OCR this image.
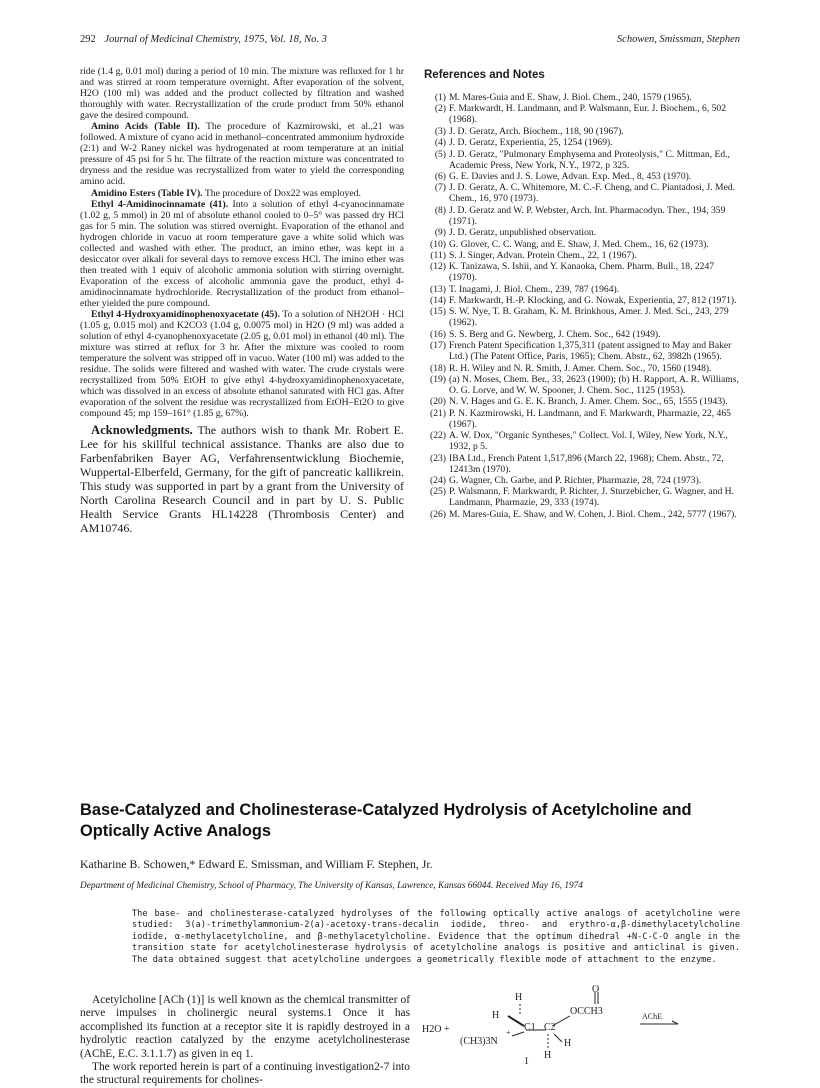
292 Journal of Medicinal Chemistry, 1975, Vol. 18, No. 3	Schowen, Smissman, Stephen

ride (1.4 g, 0.01 mol) during a period of 10 min. The mixture was refluxed for 1 hr and was stirred at room temperature overnight. After evaporation of the solvent, H2O (100 ml) was added and the product collected by filtration and washed thoroughly with water. Recrystallization of the crude product from 50% ethanol gave the desired compound.

Amino Acids (Table II). The procedure of Kazmirowski, et al.,21 was followed. A mixture of cyano acid in methanol–concentrated ammonium hydroxide (2:1) and W-2 Raney nickel was hydrogenated at room temperature at an initial pressure of 45 psi for 5 hr. The filtrate of the reaction mixture was concentrated to dryness and the residue was recrystallized from water to yield the corresponding amino acid.

Amidino Esters (Table IV). The procedure of Dox22 was employed.

Ethyl 4-Amidinocinnamate (41). Into a solution of ethyl 4-cyanocinnamate (1.02 g, 5 mmol) in 20 ml of absolute ethanol cooled to 0–5° was passed dry HCl gas for 5 min. The solution was stirred overnight. Evaporation of the ethanol and hydrogen chloride in vacuo at room temperature gave a white solid which was collected and washed with ether. The product, an imino ether, was kept in a desiccator over alkali for several days to remove excess HCl. The imino ether was then treated with 1 equiv of alcoholic ammonia solution with stirring overnight. Evaporation of the excess of alcoholic ammonia gave the product, ethyl 4-amidinocinnamate hydrochloride. Recrystallization of the product from ethanol–ether yielded the pure compound.

Ethyl 4-Hydroxyamidinophenoxyacetate (45). To a solution of NH2OH · HCl (1.05 g, 0.015 mol) and K2CO3 (1.04 g, 0.0075 mol) in H2O (9 ml) was added a solution of ethyl 4-cyanophenoxyacetate (2.05 g, 0.01 mol) in ethanol (40 ml). The mixture was stirred at reflux for 3 hr. After the mixture was cooled to room temperature the solvent was stripped off in vacuo. Water (100 ml) was added to the residue. The solids were filtered and washed with water. The crude crystals were recrystallized from 50% EtOH to give ethyl 4-hydroxyamidinophenoxyacetate, which was dissolved in an excess of absolute ethanol saturated with HCl gas. After evaporation of the solvent the residue was recrystallized from EtOH–Et2O to give compound 45; mp 159–161° (1.85 g, 67%).

Acknowledgments. The authors wish to thank Mr. Robert E. Lee for his skillful technical assistance. Thanks are also due to Farbenfabriken Bayer AG, Verfahrensentwicklung Biochemie, Wuppertal-Elberfeld, Germany, for the gift of pancreatic kallikrein. This study was supported in part by a grant from the University of North Carolina Research Council and in part by U. S. Public Health Service Grants HL14228 (Thrombosis Center) and AM10746.

References and Notes
(1) M. Mares-Guia and E. Shaw, J. Biol. Chem., 240, 1579 (1965).
(2) F. Markwardt, H. Landmann, and P. Walsmann, Eur. J. Biochem., 6, 502 (1968).
(3) J. D. Geratz, Arch. Biochem., 118, 90 (1967).
(4) J. D. Geratz, Experientia, 25, 1254 (1969).
(5) J. D. Geratz, "Pulmonary Emphysema and Proteolysis," C. Mittman, Ed., Academic Press, New York, N.Y., 1972, p 325.
(6) G. E. Davies and J. S. Lowe, Advan. Exp. Med., 8, 453 (1970).
(7) J. D. Geratz, A. C. Whitemore, M. C.-F. Cheng, and C. Piantadosi, J. Med. Chem., 16, 970 (1973).
(8) J. D. Geratz and W. P. Webster, Arch. Int. Pharmacodyn. Ther., 194, 359 (1971).
(9) J. D. Geratz, unpublished observation.
(10) G. Glover, C. C. Wang, and E. Shaw, J. Med. Chem., 16, 62 (1973).
(11) S. J. Singer, Advan. Protein Chem., 22, 1 (1967).
(12) K. Tanizawa, S. Ishii, and Y. Kanaoka, Chem. Pharm. Bull., 18, 2247 (1970).
(13) T. Inagami, J. Biol. Chem., 239, 787 (1964).
(14) F. Markwardt, H.-P. Klocking, and G. Nowak, Experientia, 27, 812 (1971).
(15) S. W. Nye, T. B. Graham, K. M. Brinkhous, Amer. J. Med. Sci., 243, 279 (1962).
(16) S. S. Berg and G. Newberg, J. Chem. Soc., 642 (1949).
(17) French Patent Specification 1,375,311 (patent assigned to May and Baker Ltd.) (The Patent Office, Paris, 1965); Chem. Abstr., 62, 3982h (1965).
(18) R. H. Wiley and N. R. Smith, J. Amer. Chem. Soc., 70, 1560 (1948).
(19) (a) N. Moses, Chem. Ber., 33, 2623 (1900); (b) H. Rapport, A. R. Williams, O. G. Lorve, and W. W. Spooner, J. Chem. Soc., 1125 (1953).
(20) N. V. Hages and G. E. K. Branch, J. Amer. Chem. Soc., 65, 1555 (1943).
(21) P. N. Kazmirowski, H. Landmann, and F. Markwardt, Pharmazie, 22, 465 (1967).
(22) A. W. Dox, "Organic Syntheses," Collect. Vol. I, Wiley, New York, N.Y., 1932, p 5.
(23) IBA Ltd., French Patent 1,517,896 (March 22, 1968); Chem. Abstr., 72, 12413m (1970).
(24) G. Wagner, Ch. Garbe, and P. Richter, Pharmazie, 28, 724 (1973).
(25) P. Walsmann, F. Markwardt, P. Richter, J. Sturzebicher, G. Wagner, and H. Landmann, Pharmazie, 29, 333 (1974).
(26) M. Mares-Guia, E. Shaw, and W. Cohen, J. Biol. Chem., 242, 5777 (1967).
Base-Catalyzed and Cholinesterase-Catalyzed Hydrolysis of Acetylcholine and Optically Active Analogs
Katharine B. Schowen,* Edward E. Smissman, and William F. Stephen, Jr.
Department of Medicinal Chemistry, School of Pharmacy, The University of Kansas, Lawrence, Kansas 66044. Received May 16, 1974
The base- and cholinesterase-catalyzed hydrolyses of the following optically active analogs of acetylcholine were studied: 3(a)-trimethylammonium-2(a)-acetoxy-trans-decalin iodide, threo- and erythro-α,β-dimethylacetylcholine iodide, α-methylacetylcholine, and β-methylacetylcholine. Evidence that the optimum dihedral +N-C-C-O angle in the transition state for acetylcholinesterase hydrolysis of acetylcholine analogs is positive and anticlinal is given. The data obtained suggest that acetylcholine undergoes a geometrically flexible mode of attachment to the enzyme.

Acetylcholine [ACh (1)] is well known as the chemical transmitter of nerve impulses in cholinergic neural systems.1 Once it has accomplished its function at a receptor site it is rapidly destroyed in a hydrolytic reaction catalyzed by the enzyme acetylcholinesterase (AChE, E.C. 3.1.1.7) as given in eq 1.

The work reported herein is part of a continuing investigation2-7 into the structural requirements for cholines-

H2O +
O
H
H	OCCH3
C1 C2
H
H
+
(CH3)3N
AChE
1
